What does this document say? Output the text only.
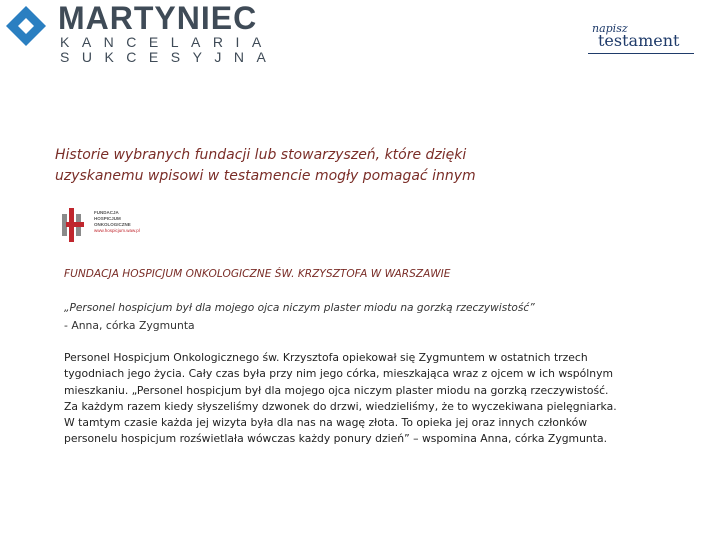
MARTYNIEC
KANCELARIA
SUKCESYJNA
napisz
testament
Historie wybranych fundacji lub stowarzyszeń, które dzięki uzyskanemu wpisowi w testamencie mogły pomagać innym
FUNDACJA
HOSPICJUM
ONKOLOGICZNE
www.hospicjum.waw.pl
FUNDACJA HOSPICJUM ONKOLOGICZNE ŚW. KRZYSZTOFA W WARSZAWIE
„Personel hospicjum był dla mojego ojca niczym plaster miodu na gorzką rzeczywistość”
- Anna, córka Zygmunta
Personel Hospicjum Onkologicznego św. Krzysztofa opiekował się Zygmuntem w ostatnich trzech
tygodniach jego życia. Cały czas była przy nim jego córka, mieszkająca wraz z ojcem w ich wspólnym
mieszkaniu. „Personel hospicjum był dla mojego ojca niczym plaster miodu na gorzką rzeczywistość.
Za każdym razem kiedy słyszeliśmy dzwonek do drzwi, wiedzieliśmy, że to wyczekiwana pielęgniarka.
W tamtym czasie każda jej wizyta była dla nas na wagę złota. To opieka jej oraz innych członków
personelu hospicjum rozświetlała wówczas każdy ponury dzień” – wspomina Anna, córka Zygmunta.
